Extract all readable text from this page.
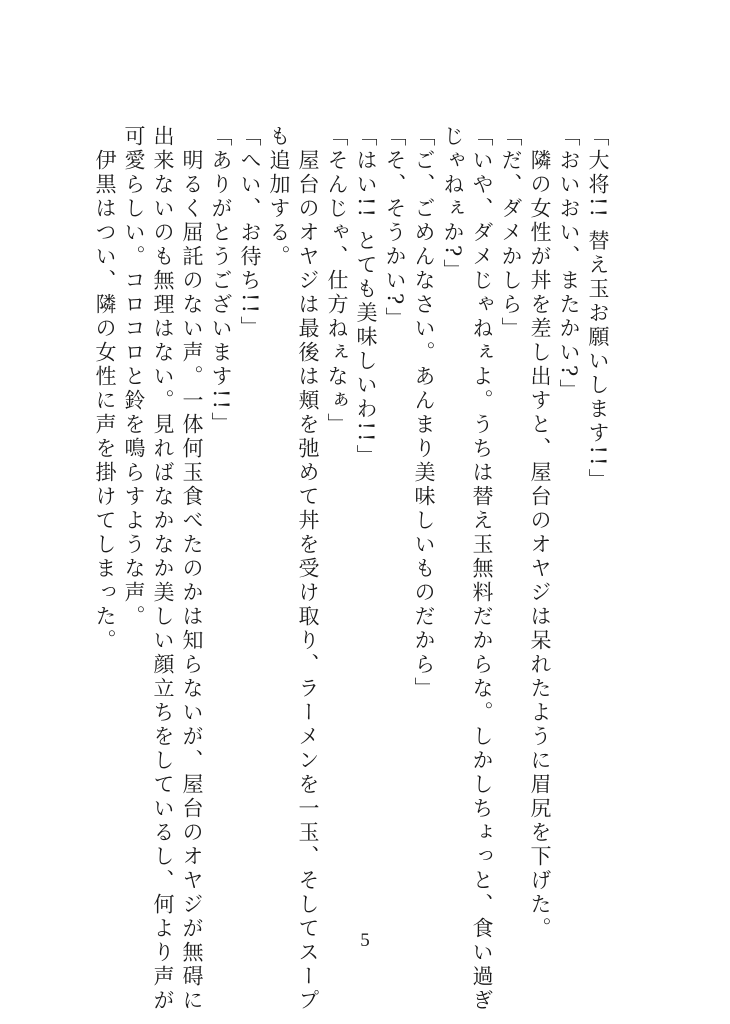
「大将!! 替え玉お願いします!!」
「おいおい、またかい?」
　隣の女性が丼を差し出すと、屋台のオヤジは呆れたように眉尻を下げた。
「だ、ダメかしら」
「いや、ダメじゃねぇよ。うちは替え玉無料だからな。しかしちょっと、食い過ぎ
じゃねぇか?」
「ご、ごめんなさい。あんまり美味しいものだから」
「そ、そうかい?」
「はい!! とても美味しいわ!!」
「そんじゃ、仕方ねぇなぁ」
　屋台のオヤジは最後は頬を弛めて丼を受け取り、ラーメンを一玉、そしてスープ
も追加する。
「へい、お待ち!!」
「ありがとうございます!!」
　明るく屈託のない声。一体何玉食べたのかは知らないが、屋台のオヤジが無碍に
出来ないのも無理はない。見ればなかなか美しい顔立ちをしているし、何より声が
可愛らしい。コロコロと鈴を鳴らすような声。
　伊黒はつい、隣の女性に声を掛けてしまった。
5
